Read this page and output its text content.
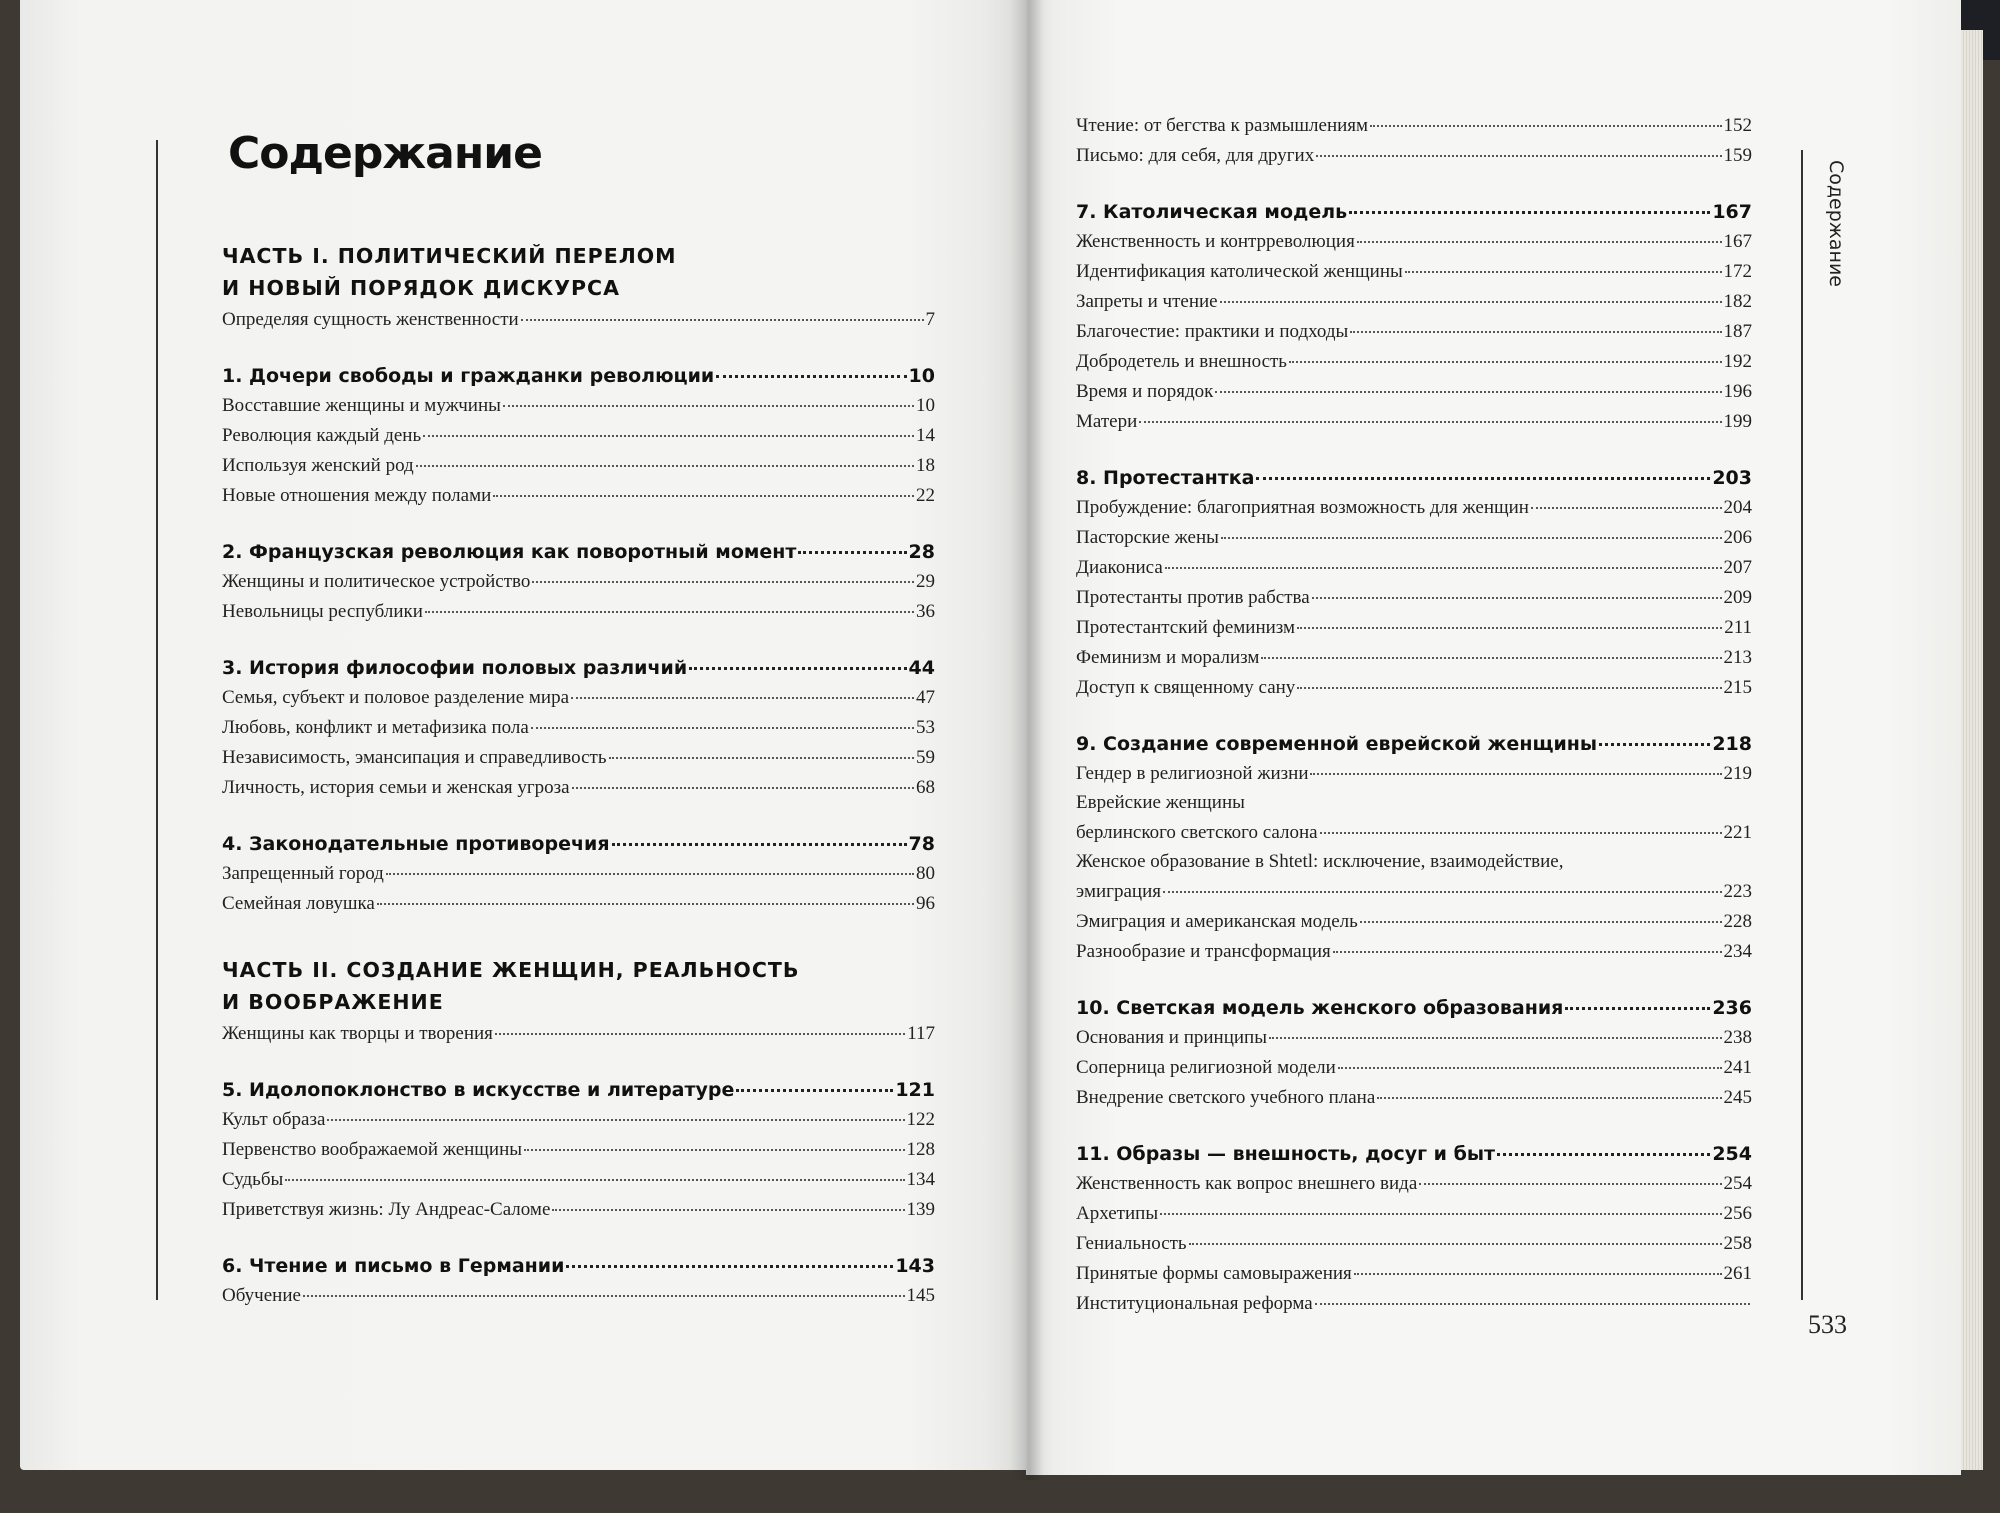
Содержание
Содержание
533
ЧАСТЬ I. ПОЛИТИЧЕСКИЙ ПЕРЕЛОМ
И НОВЫЙ ПОРЯДОК ДИСКУРСА
Определяя сущность женственности	7
1. Дочери свободы и гражданки революции	10
Восставшие женщины и мужчины	10
Революция каждый день	14
Используя женский род	18
Новые отношения между полами	22
2. Французская революция как поворотный момент	28
Женщины и политическое устройство	29
Невольницы республики	36
3. История философии половых различий	44
Семья, субъект и половое разделение мира	47
Любовь, конфликт и метафизика пола	53
Независимость, эмансипация и справедливость	59
Личность, история семьи и женская угроза	68
4. Законодательные противоречия	78
Запрещенный город	80
Семейная ловушка	96
ЧАСТЬ II. СОЗДАНИЕ ЖЕНЩИН, РЕАЛЬНОСТЬ
И ВООБРАЖЕНИЕ
Женщины как творцы и творения	117
5. Идолопоклонство в искусстве и литературе	121
Культ образа	122
Первенство воображаемой женщины	128
Судьбы	134
Приветствуя жизнь: Лу Андреас-Саломе	139
6. Чтение и письмо в Германии	143
Обучение	145
Чтение: от бегства к размышлениям	152
Письмо: для себя, для других	159
7. Католическая модель	167
Женственность и контрреволюция	167
Идентификация католической женщины	172
Запреты и чтение	182
Благочестие: практики и подходы	187
Добродетель и внешность	192
Время и порядок	196
Матери	199
8. Протестантка	203
Пробуждение: благоприятная возможность для женщин	204
Пасторские жены	206
Диакониса	207
Протестанты против рабства	209
Протестантский феминизм	211
Феминизм и морализм	213
Доступ к священному сану	215
9. Создание современной еврейской женщины	218
Гендер в религиозной жизни	219
Еврейские женщины
берлинского светского салона	221
Женское образование в Shtetl: исключение, взаимодействие,
эмиграция	223
Эмиграция и американская модель	228
Разнообразие и трансформация	234
10. Светская модель женского образования	236
Основания и принципы	238
Соперница религиозной модели	241
Внедрение светского учебного плана	245
11. Образы — внешность, досуг и быт	254
Женственность как вопрос внешнего вида	254
Архетипы	256
Гениальность	258
Принятые формы самовыражения	261
Институциональная реформа
